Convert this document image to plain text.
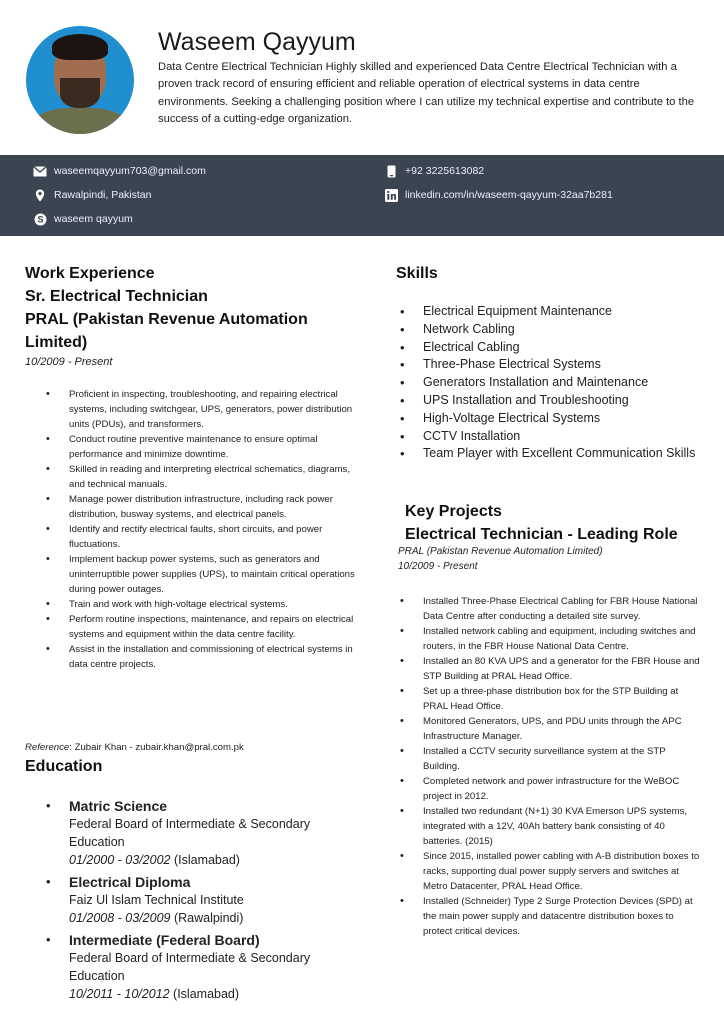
Waseem Qayyum
Data Centre Electrical Technician Highly skilled and experienced Data Centre Electrical Technician with a proven track record of ensuring efficient and reliable operation of electrical systems in data centre environments. Seeking a challenging position where I can utilize my technical expertise and contribute to the success of a cutting-edge organization.
waseemqayyum703@gmail.com	+92 3225613082
Rawalpindi, Pakistan	linkedin.com/in/waseem-qayyum-32aa7b281
S waseem qayyum
Work Experience
Sr. Electrical Technician
PRAL (Pakistan Revenue Automation Limited)
10/2009 - Present
• Proficient in inspecting, troubleshooting, and repairing electrical systems, including switchgear, UPS, generators, power distribution units (PDUs), and transformers.
• Conduct routine preventive maintenance to ensure optimal performance and minimize downtime.
• Skilled in reading and interpreting electrical schematics, diagrams, and technical manuals.
• Manage power distribution infrastructure, including rack power distribution, busway systems, and electrical panels.
• Identify and rectify electrical faults, short circuits, and power fluctuations.
• Implement backup power systems, such as generators and uninterruptible power supplies (UPS), to maintain critical operations during power outages.
• Train and work with high-voltage electrical systems.
• Perform routine inspections, maintenance, and repairs on electrical systems and equipment within the data centre facility.
• Assist in the installation and commissioning of electrical systems in data centre projects.
Reference: Zubair Khan - zubair.khan@pral.com.pk
Education
• Matric Science
Federal Board of Intermediate & Secondary Education
01/2000 - 03/2002 (Islamabad)
• Electrical Diploma
Faiz Ul Islam Technical Institute
01/2008 - 03/2009 (Rawalpindi)
• Intermediate (Federal Board)
Federal Board of Intermediate & Secondary Education
10/2011 - 10/2012 (Islamabad)
Skills
• Electrical Equipment Maintenance
• Network Cabling
• Electrical Cabling
• Three-Phase Electrical Systems
• Generators Installation and Maintenance
• UPS Installation and Troubleshooting
• High-Voltage Electrical Systems
• CCTV Installation
• Team Player with Excellent Communication Skills
Key Projects
Electrical Technician - Leading Role
PRAL (Pakistan Revenue Automation Limited)
10/2009 - Present
• Installed Three-Phase Electrical Cabling for FBR House National Data Centre after conducting a detailed site survey.
• Installed network cabling and equipment, including switches and routers, in the FBR House National Data Centre.
• Installed an 80 KVA UPS and a generator for the FBR House and STP Building at PRAL Head Office.
• Set up a three-phase distribution box for the STP Building at PRAL Head Office.
• Monitored Generators, UPS, and PDU units through the APC Infrastructure Manager.
• Installed a CCTV security surveillance system at the STP Building.
• Completed network and power infrastructure for the WeBOC project in 2012.
• Installed two redundant (N+1) 30 KVA Emerson UPS systems, integrated with a 12V, 40Ah battery bank consisting of 40 batteries. (2015)
• Since 2015, installed power cabling with A-B distribution boxes to racks, supporting dual power supply servers and switches at Metro Datacenter, PRAL Head Office.
• Installed (Schneider) Type 2 Surge Protection Devices (SPD) at the main power supply and datacentre distribution boxes to protect critical devices.
